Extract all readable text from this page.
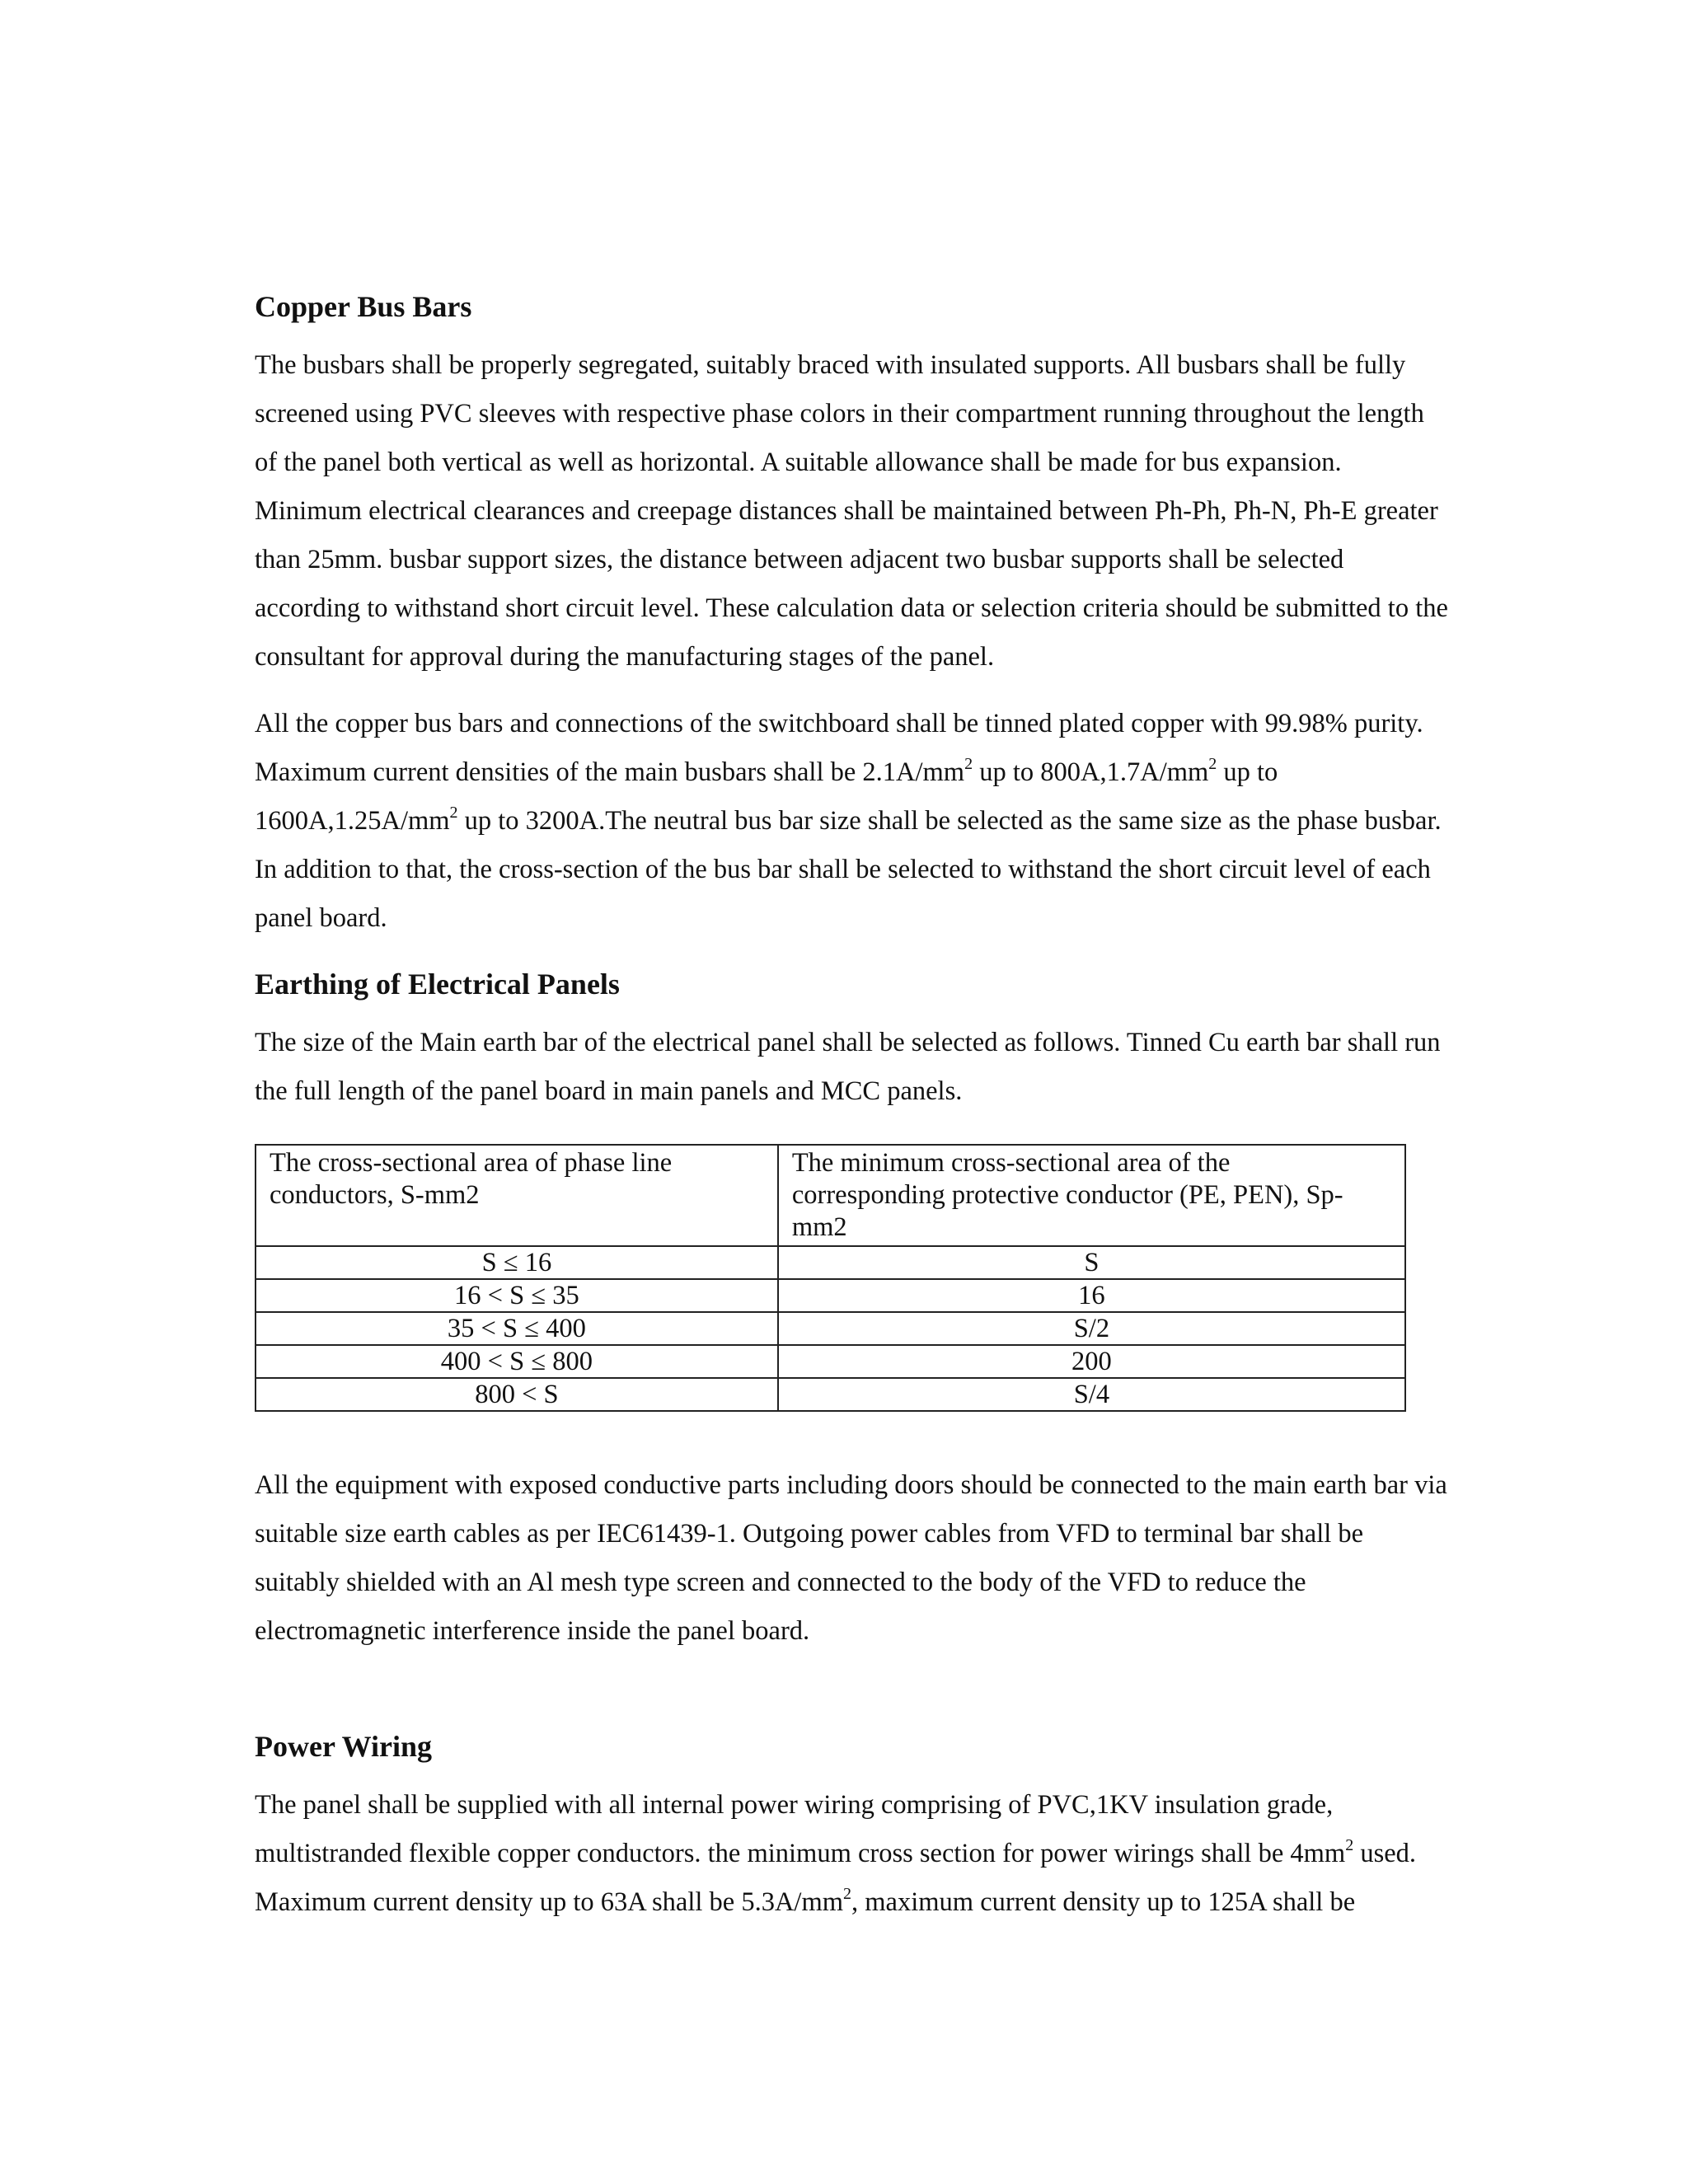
Copper Bus Bars

The busbars shall be properly segregated, suitably braced with insulated supports. All busbars shall be fully
screened using PVC sleeves with respective phase colors in their compartment running throughout the length
of the panel both vertical as well as horizontal. A suitable allowance shall be made for bus expansion.
Minimum electrical clearances and creepage distances shall be maintained between Ph-Ph, Ph-N, Ph-E greater
than 25mm. busbar support sizes, the distance between adjacent two busbar supports shall be selected
according to withstand short circuit level. These calculation data or selection criteria should be submitted to the
consultant for approval during the manufacturing stages of the panel.

All the copper bus bars and connections of the switchboard shall be tinned plated copper with 99.98% purity.
Maximum current densities of the main busbars shall be $2.1A/mm^2$ up to $800A,1.7A/mm^2$ up to
$1600A,1.25A/mm^2$ up to 3200A.The neutral bus bar size shall be selected as the same size as the phase busbar.
In addition to that, the cross-section of the bus bar shall be selected to withstand the short circuit level of each
panel board.

Earthing of Electrical Panels

The size of the Main earth bar of the electrical panel shall be selected as follows. Tinned Cu earth bar shall run
the full length of the panel board in main panels and MCC panels.

The cross-sectional area of phase line
conductors, S-mm2	The minimum cross-sectional area of the
corresponding protective conductor (PE, PEN), Sp-
mm2

S ≤ 16	S
16 < S ≤ 35	16
35 < S ≤ 400	S/2
400 < S ≤ 800	200
800 < S	S/4

All the equipment with exposed conductive parts including doors should be connected to the main earth bar via
suitable size earth cables as per IEC61439-1. Outgoing power cables from VFD to terminal bar shall be
suitably shielded with an Al mesh type screen and connected to the body of the VFD to reduce the
electromagnetic interference inside the panel board.

Power Wiring

The panel shall be supplied with all internal power wiring comprising of PVC,1KV insulation grade,
multistranded flexible copper conductors. the minimum cross section for power wirings shall be $4mm^2$ used.
Maximum current density up to 63A shall be $5.3A/mm^2$, maximum current density up to 125A shall be
